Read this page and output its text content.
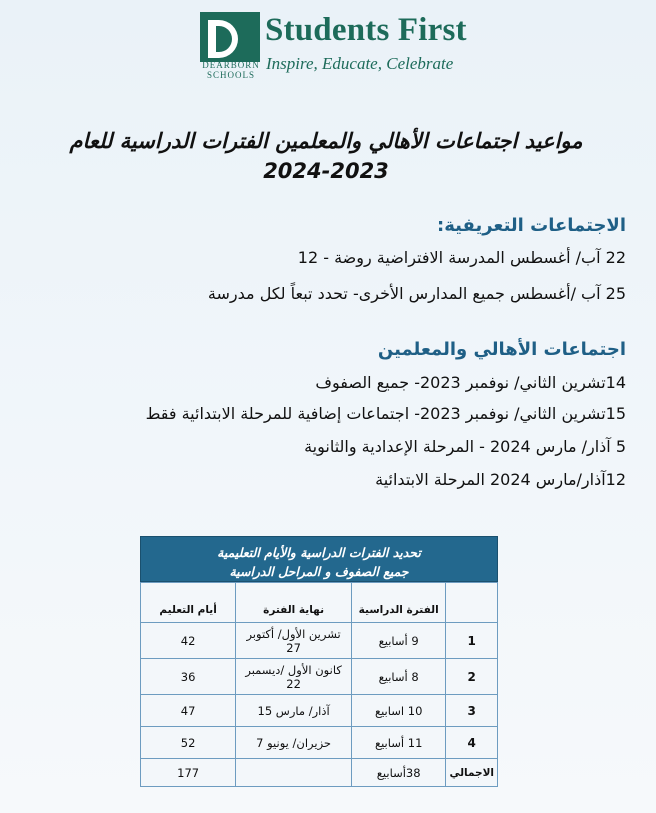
DEARBORN
SCHOOLS
Students First
Inspire, Educate, Celebrate
مواعيد اجتماعات الأهالي والمعلمين الفترات الدراسية للعام
2024-2023
الاجتماعات التعريفية:
22 آب/ أغسطس المدرسة الافتراضية روضة - 12
25 آب /أغسطس جميع المدارس الأخرى- تحدد تبعاً لكل مدرسة
اجتماعات الأهالي والمعلمين
14تشرين الثاني/ نوفمبر 2023- جميع الصفوف
15تشرين الثاني/ نوفمبر 2023- اجتماعات إضافية للمرحلة الابتدائية فقط
5 آذار/ مارس 2024 - المرحلة الإعدادية والثانوية
12آذار/مارس 2024 المرحلة الابتدائية
تحديد الفترات الدراسية والأيام التعليمية
جميع الصفوف و المراحل الدراسية
	الفترة الدراسية	نهاية الفترة	أيام التعليم
1	9 أسابيع	تشرين الأول/ أكتوبر 27	42
2	8 أسابيع	كانون الأول /ديسمبر 22	36
3	10 اسابيع	آذار/ مارس 15	47
4	11 أسابيع	حزيران/ يونيو 7	52
الاجمالي	38أسابيع		177
